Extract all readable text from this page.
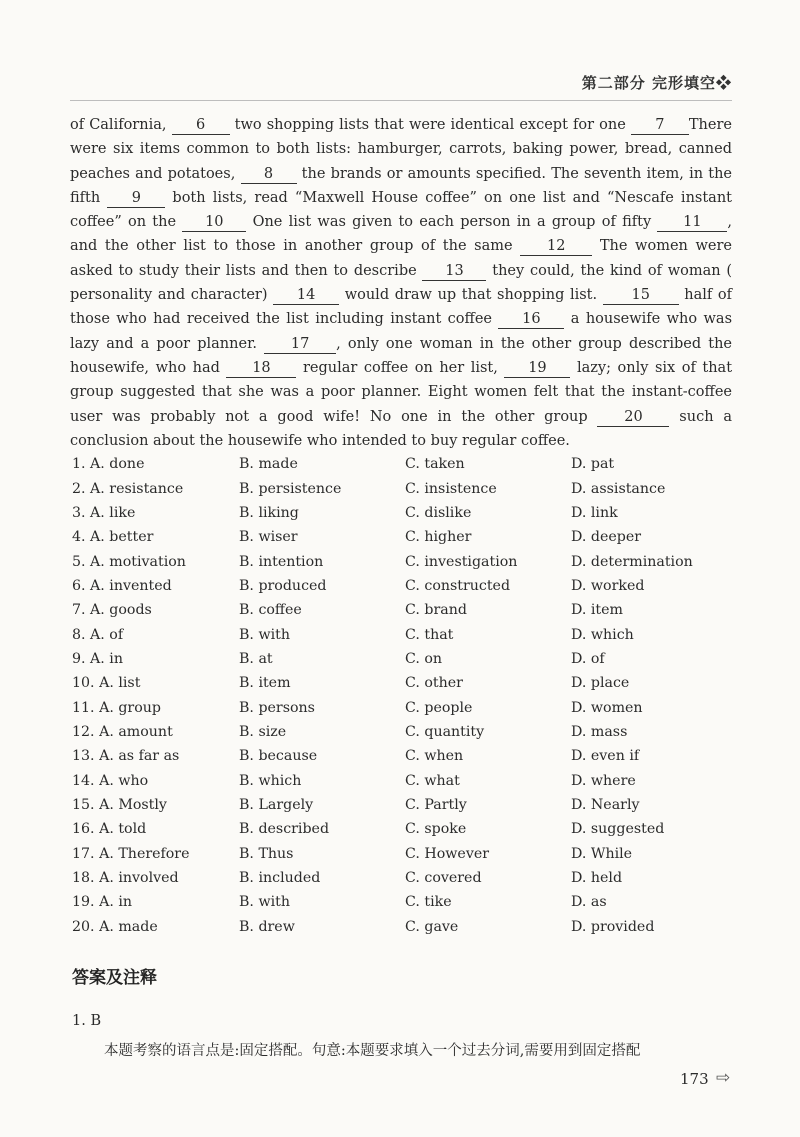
第二部分 完形填空❖
of California, 6 two shopping lists that were identical except for one 7 There were six items common to both lists: hamburger, carrots, baking power, bread, canned peaches and potatoes, 8 the brands or amounts specified. The seventh item, in the fifth 9 both lists, read “Maxwell House coffee” on one list and “Nescafe instant coffee” on the 10 One list was given to each person in a group of fifty 11 , and the other list to those in another group of the same 12 The women were asked to study their lists and then to describe 13 they could, the kind of woman ( personality and character) 14 would draw up that shopping list. 15 half of those who had received the list including instant coffee 16 a housewife who was lazy and a poor planner. 17 , only one woman in the other group described the housewife, who had 18 regular coffee on her list, 19 lazy; only six of that group suggested that she was a poor planner. Eight women felt that the instant-coffee user was probably not a good wife! No one in the other group 20 such a conclusion about the housewife who intended to buy regular coffee.
1. A. done	B. made	C. taken	D. pat
2. A. resistance	B. persistence	C. insistence	D. assistance
3. A. like	B. liking	C. dislike	D. link
4. A. better	B. wiser	C. higher	D. deeper
5. A. motivation	B. intention	C. investigation	D. determination
6. A. invented	B. produced	C. constructed	D. worked
7. A. goods	B. coffee	C. brand	D. item
8. A. of	B. with	C. that	D. which
9. A. in	B. at	C. on	D. of
10. A. list	B. item	C. other	D. place
11. A. group	B. persons	C. people	D. women
12. A. amount	B. size	C. quantity	D. mass
13. A. as far as	B. because	C. when	D. even if
14. A. who	B. which	C. what	D. where
15. A. Mostly	B. Largely	C. Partly	D. Nearly
16. A. told	B. described	C. spoke	D. suggested
17. A. Therefore	B. Thus	C. However	D. While
18. A. involved	B. included	C. covered	D. held
19. A. in	B. with	C. tike	D. as
20. A. made	B. drew	C. gave	D. provided
答案及注释
1. B
本题考察的语言点是:固定搭配。句意:本题要求填入一个过去分词,需要用到固定搭配
173 ⇨
